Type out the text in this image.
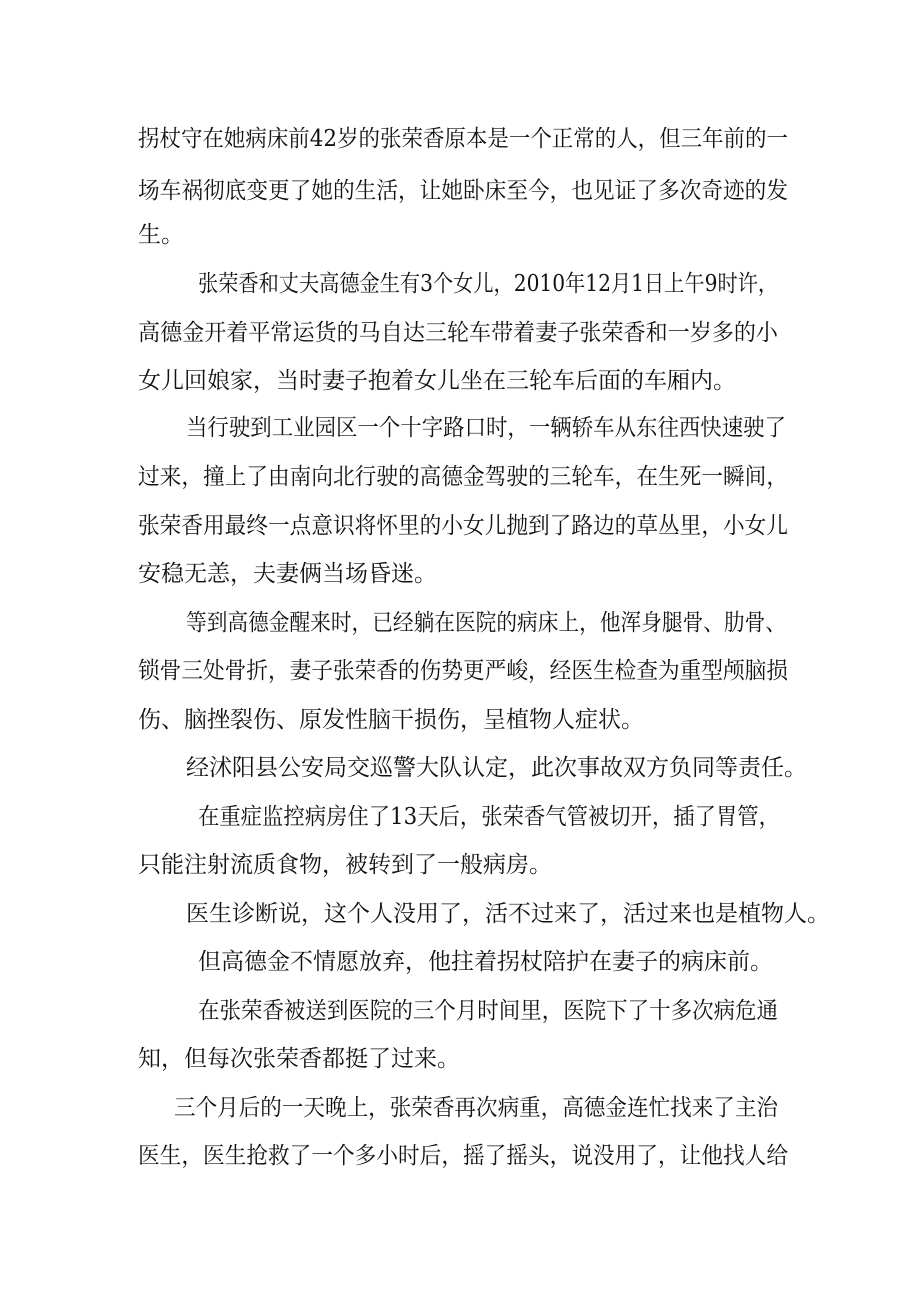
拐杖守在她病床前42岁的张荣香原本是一个正常的人，但三年前的一
场车祸彻底变更了她的生活，让她卧床至今，也见证了多次奇迹的发
生。
张荣香和丈夫高德金生有3个女儿，2010年12月1日上午9时许，
高德金开着平常运货的马自达三轮车带着妻子张荣香和一岁多的小
女儿回娘家，当时妻子抱着女儿坐在三轮车后面的车厢内。
当行驶到工业园区一个十字路口时，一辆轿车从东往西快速驶了
过来，撞上了由南向北行驶的高德金驾驶的三轮车，在生死一瞬间，
张荣香用最终一点意识将怀里的小女儿抛到了路边的草丛里，小女儿
安稳无恙，夫妻俩当场昏迷。
等到高德金醒来时，已经躺在医院的病床上，他浑身腿骨、肋骨、
锁骨三处骨折，妻子张荣香的伤势更严峻，经医生检查为重型颅脑损
伤、脑挫裂伤、原发性脑干损伤，呈植物人症状。
经沭阳县公安局交巡警大队认定，此次事故双方负同等责任。
在重症监控病房住了13天后，张荣香气管被切开，插了胃管，
只能注射流质食物，被转到了一般病房。
医生诊断说，这个人没用了，活不过来了，活过来也是植物人。
但高德金不情愿放弃，他拄着拐杖陪护在妻子的病床前。
在张荣香被送到医院的三个月时间里，医院下了十多次病危通
知，但每次张荣香都挺了过来。
三个月后的一天晚上，张荣香再次病重，高德金连忙找来了主治
医生，医生抢救了一个多小时后，摇了摇头，说没用了，让他找人给
